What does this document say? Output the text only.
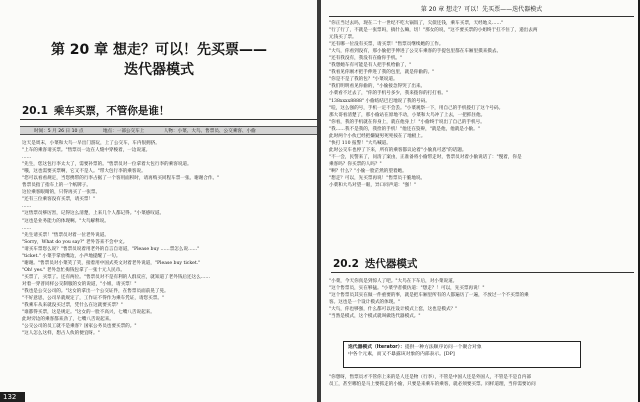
第 20 章 想走？可以！先买票——
迭代器模式
20.1 乘车买票，不管你是谁！
时间：5 月 26 日 10 点	地点：一部公交车上	人物：小菜、大鸟、售票员、公交乘客、小偷
这天是周末，小菜和大鸟一早出门游玩，上了公交车，车内很拥挤。
"上车的乘客请买票。"售票员一边在人缝中穿梭着，一边说道。
……
"先生，您这包行李太大了，需要补票的。"售票员对一位拿着大包行李的乘客说道。
"哦，这也需要买票啊，它又不是人。"带大包行李的乘客说。
"您可以看看规定，当您携带的行李占据了一个客用面积时，请再购买同程车票一张。谢谢合作。"
售票员指了指车上的一个纸牌子。
这位乘客眼睛的，只得再买了一张票。
"还有三位乘客没有买票，请买票！"
……
"这售票员够厉害，记得这么清楚，上来几个人都记得。"小菜感叹道。
"这也是业务能力的体现啊。"大鸟解释说。
……
"先生请买票！"售票员对着一位老外说道。
"Sorry，What do you say?" 老外答来不会中文。
"请买车票您么说？"售票员说着用老外的自言自语道，"Please buy ……票怎么说……"
"ticket." 小菜手掌放嘴边，小声地提醒了一句。
"谢谢。"售票员对小菜笑了笑，接着用中国式英文对着老外说道，"Please buy ticket."
"Oh! yes." 老外急忙掏钱包拿了一张十元人民币。
"买票了，买票了。还有两位。"售票员对不是有利的人群反应，就知道了老外钱后还这么……
对着一穿普同样公交制服的女的说道，"小姐，请买票！"
"我也是公交公司的。"这女的拿出一个公交证件，在售票员面前晃了晃。
"不好意思，公司早就规定了，工作证不得作为乘车凭证，请您买票。"
"我乘车从来就没买过票，凭什么在这就要买票？"
"谁都得买票，这是规定。"这女的一脸不高兴，七嘴八舌说起来。
此时旁边的乘客都来劲了，七嘴八舌说起来。
"公交公司的员工就不是乘客？国家公务员也要买票的。"
"这人怎么这样，想占人伙的便宜呀。"
132
第 20 章 想走？可以！先买票——迭代器模式
"你正当过去吗，现在二十一世纪不吃大锅饭了，欠债还钱，乘车买票，天经地义……"
"行了行了，不就是一张票吗，搞什么嘛，切！"那女的说，"这不要买票的小姐终于扛不住了，递出去两
元钱买了票。
"还有哪一位没有买票，请买票！"售票员继续她的工作。
"大鸟，你看到没有，那小偷把手伸进了公交车乘客的手提包里都在车厢里摸来摸去。
"还有我没有，我没有在偷你手机。"
"我想她车有可能是有人把手机给偷了，"
"我看见你刚才把手伸进了我的包里，就是你偷的。"
"你是不是了我的包？"小菜说道。
"我们明明看见你偷的，"小偷接急得哭了出来。
小菜看不过去了，"你的手机号多少，我来拨你的打打看。"
"138xxxx8888" 小偷结结巴巴地说了我的号码。
"哇，这么强的号，手机一定不会丢。"小菜观察一下，用自己的手机拨打了这个号码。
那大哥看清楚了，那小偷站在原地不动，小菜和大鸟冲了上去，一把抓住他。
"你看，我的手机就在你身上，就在他身上！"小偷终于说出了自己的手机号。
"我……我不是我的，我捡的手机！"他还在狡辩，"就是他，他就是小偷。"
此时两个小伙已经把嫌疑男死死按在了地板上。
"快打 110 报警！"大鸟喊道。
此时公交车也停了下来，所有的乘客都议论着"小偷真可恶"的话题。
"不一会，民警来了，问清了案由，正准备将小偷带走时，售票员对着小偷说话了："慢着，你是
乘客吗？你买票的人吗？"
"啊？什么？"小偷一脸茫然的望着她。
"想走？可以，先买票再说！"售票员干脆地说。
小菜和大鸟对望一眼，异口同声道："强！"
20.2 迭代器模式
"小菜，今天你真是到惊人了吧。"大鸟在下车后，对小菜说道。
"这个售票员，实在够猛。"小菜学者模仿道："想走？！可以，先买票再说！"
"这个售票员其实在做一件重要的事，就是把车厢里所有的人都遍历了一遍，不放过一个不买票的乘
客。这也是一个设计模式的体现。"
"大鸟，你也够强，什么都可以往设计模式上套，这也是模式？"
"当然是模式，这个模式就叫做迭代器模式。"
迭代器模式（Iterator）：提供一种方法顺序访问一个聚合对象
中各个元素，而又不暴露该对象的内部表示。[DP]
"你想呀，售票员才不管你上来的是人还是物（行李），不管是中国人还是外国人，不管是不是自内部
员工，甚至哪怕是马上要抓走的小偷，只要是来乘车的乘客，就必须要买票。同样道理，当你需要访问
